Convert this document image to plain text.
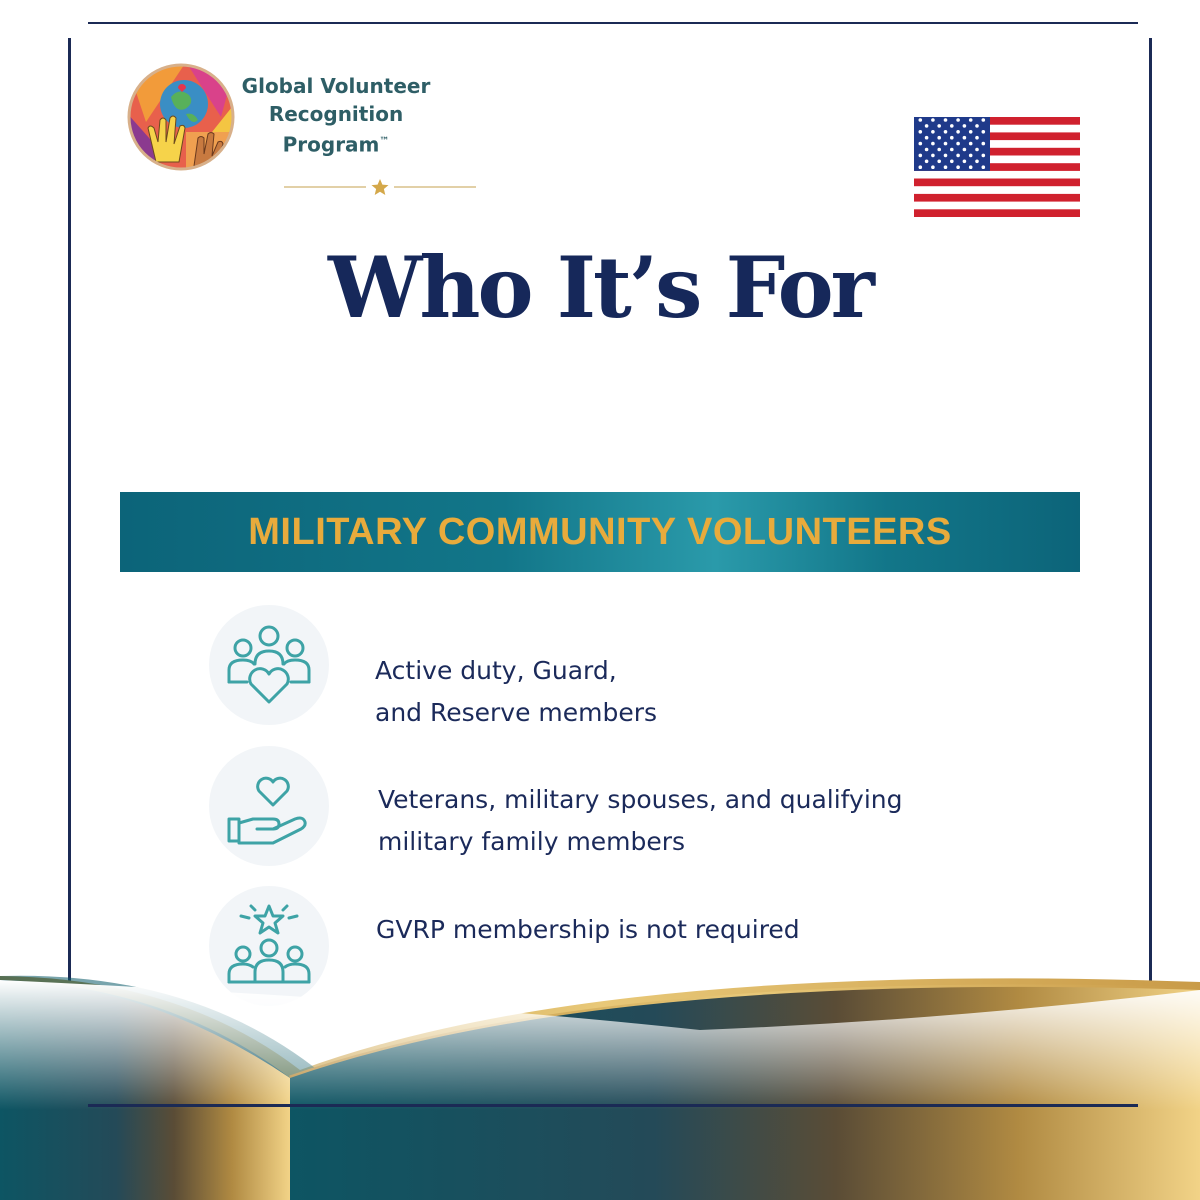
Global Volunteer
Recognition
Program™
Who It’s For
MILITARY COMMUNITY VOLUNTEERS
Active duty, Guard,
and Reserve members
Veterans, military spouses, and qualifying
military family members
GVRP membership is not required
